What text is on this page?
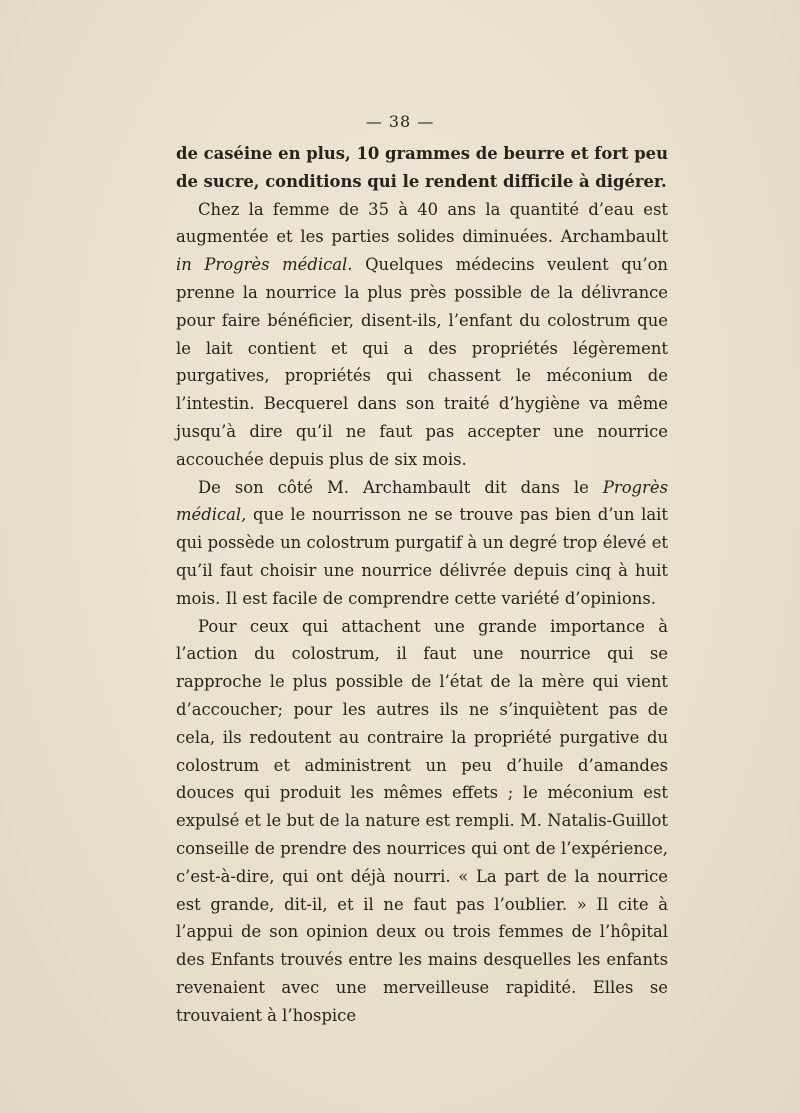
— 38 —

de caséine en plus, 10 grammes de beurre et fort peu de sucre, conditions qui le rendent difficile à digérer.

Chez la femme de 35 à 40 ans la quantité d’eau est augmentée et les parties solides diminuées. Archambault in Progrès médical. Quelques médecins veulent qu’on prenne la nourrice la plus près possible de la délivrance pour faire bénéficier, disent-ils, l’enfant du colostrum que le lait contient et qui a des propriétés légèrement purgatives, propriétés qui chassent le méconium de l’intestin. Becquerel dans son traité d’hygiène va même jusqu’à dire qu’il ne faut pas accepter une nourrice accouchée depuis plus de six mois.

De son côté M. Archambault dit dans le Progrès médical, que le nourrisson ne se trouve pas bien d’un lait qui possède un colostrum purgatif à un degré trop élevé et qu’il faut choisir une nourrice délivrée depuis cinq à huit mois. Il est facile de comprendre cette variété d’opinions.

Pour ceux qui attachent une grande importance à l’action du colostrum, il faut une nourrice qui se rapproche le plus possible de l’état de la mère qui vient d’accoucher; pour les autres ils ne s’inquiètent pas de cela, ils redoutent au contraire la propriété purgative du colostrum et administrent un peu d’huile d’amandes douces qui produit les mêmes effets ; le méconium est expulsé et le but de la nature est rempli. M. Natalis-Guillot conseille de prendre des nourrices qui ont de l’expérience, c’est-à-dire, qui ont déjà nourri. « La part de la nourrice est grande, dit-il, et il ne faut pas l’oublier. » Il cite à l’appui de son opinion deux ou trois femmes de l’hôpital des Enfants trouvés entre les mains desquelles les enfants revenaient avec une merveilleuse rapidité. Elles se trouvaient à l’hospice
